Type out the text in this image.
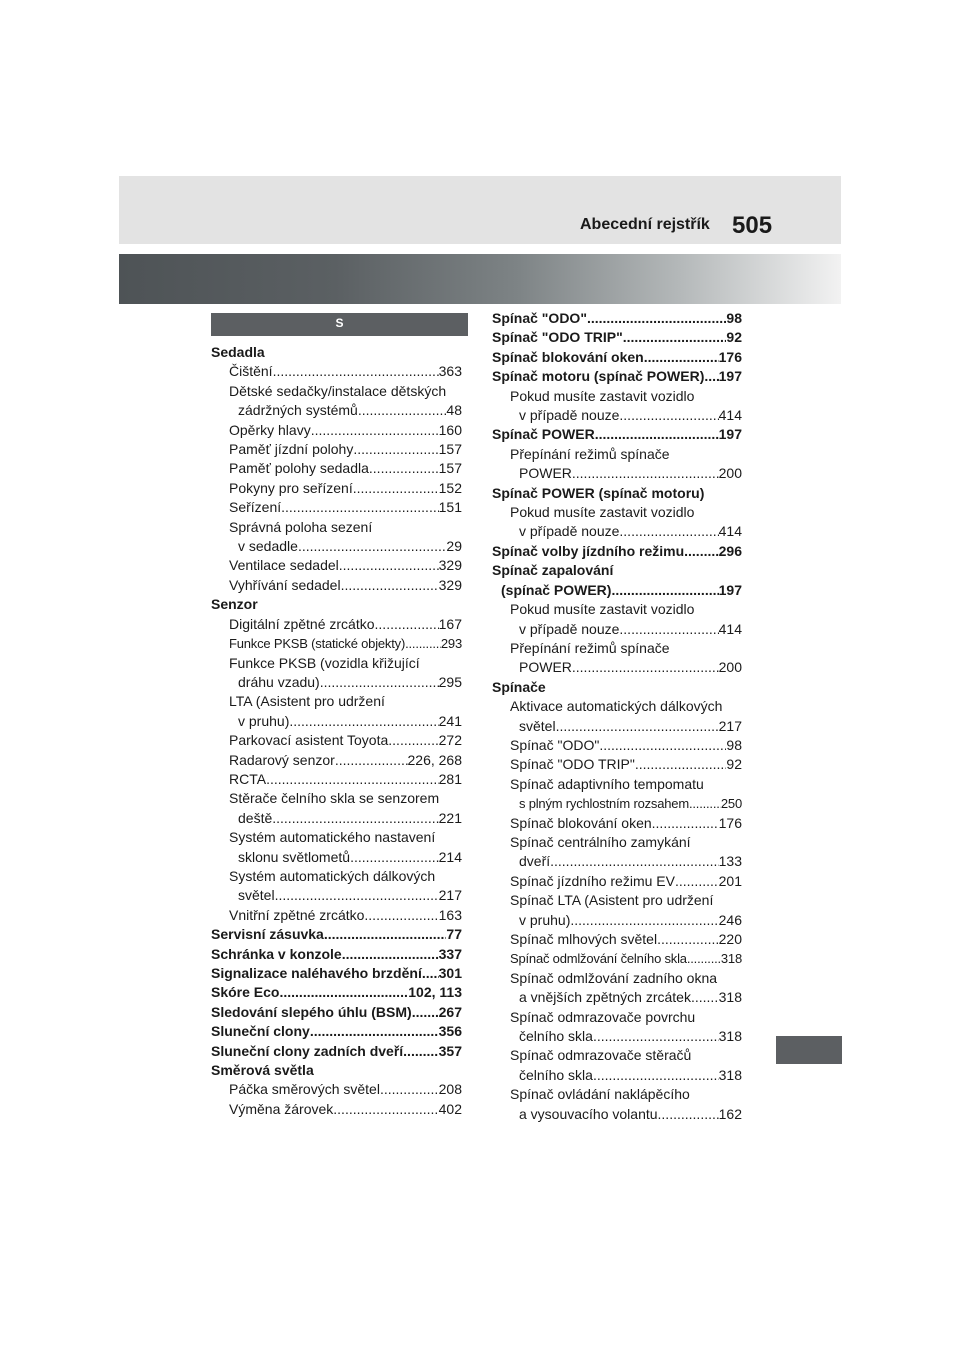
Abecední rejstřík 505
S
Sedadla
Čištění .....	363
Dětské sedačky/instalace dětských
zádržných systémů .....	48
Opěrky hlavy .....	160
Paměť jízdní polohy .....	157
Paměť polohy sedadla .....	157
Pokyny pro seřízení .....	152
Seřízení .....	151
Správná poloha sezení
v sedadle .....	29
Ventilace sedadel .....	329
Vyhřívání sedadel .....	329
Senzor
Digitální zpětné zrcátko .....	167
Funkce PKSB (statické objekty) .....	293
Funkce PKSB (vozidla křižující
dráhu vzadu) .....	295
LTA (Asistent pro udržení
v pruhu) .....	241
Parkovací asistent Toyota .....	272
Radarový senzor .....	226, 268
RCTA .....	281
Stěrače čelního skla se senzorem
deště .....	221
Systém automatického nastavení
sklonu světlometů .....	214
Systém automatických dálkových
světel .....	217
Vnitřní zpětné zrcátko .....	163
Servisní zásuvka .....	77
Schránka v konzole .....	337
Signalizace naléhavého brzdění ..... 301
Skóre Eco .....	102, 113
Sledování slepého úhlu (BSM) ..... 267
Sluneční clony .....	356
Sluneční clony zadních dveří .....	357
Směrová světla
Páčka směrových světel .....	208
Výměna žárovek .....	402
Spínač "ODO" .....	98
Spínač "ODO TRIP" .....	92
Spínač blokování oken .....	176
Spínač motoru (spínač POWER) ..... 197
Pokud musíte zastavit vozidlo
v případě nouze .....	414
Spínač POWER .....	197
Přepínání režimů spínače
POWER .....	200
Spínač POWER (spínač motoru)
Pokud musíte zastavit vozidlo
v případě nouze .....	414
Spínač volby jízdního režimu ..... 296
Spínač zapalování
(spínač POWER) .....	197
Pokud musíte zastavit vozidlo
v případě nouze .....	414
Přepínání režimů spínače
POWER .....	200
Spínače
Aktivace automatických dálkových
světel .....	217
Spínač "ODO" .....	98
Spínač "ODO TRIP" .....	92
Spínač adaptivního tempomatu
s plným rychlostním rozsahem ..... 250
Spínač blokování oken .....	176
Spínač centrálního zamykání
dveří .....	133
Spínač jízdního režimu EV .....	201
Spínač LTA (Asistent pro udržení
v pruhu) .....	246
Spínač mlhových světel .....	220
Spínač odmlžování čelního skla .....	318
Spínač odmlžování zadního okna
a vnějších zpětných zrcátek ..... 318
Spínač odmrazovače povrchu
čelního skla .....	318
Spínač odmrazovače stěračů
čelního skla .....	318
Spínač ovládání naklápěcího
a vysouvacího volantu .....	162
